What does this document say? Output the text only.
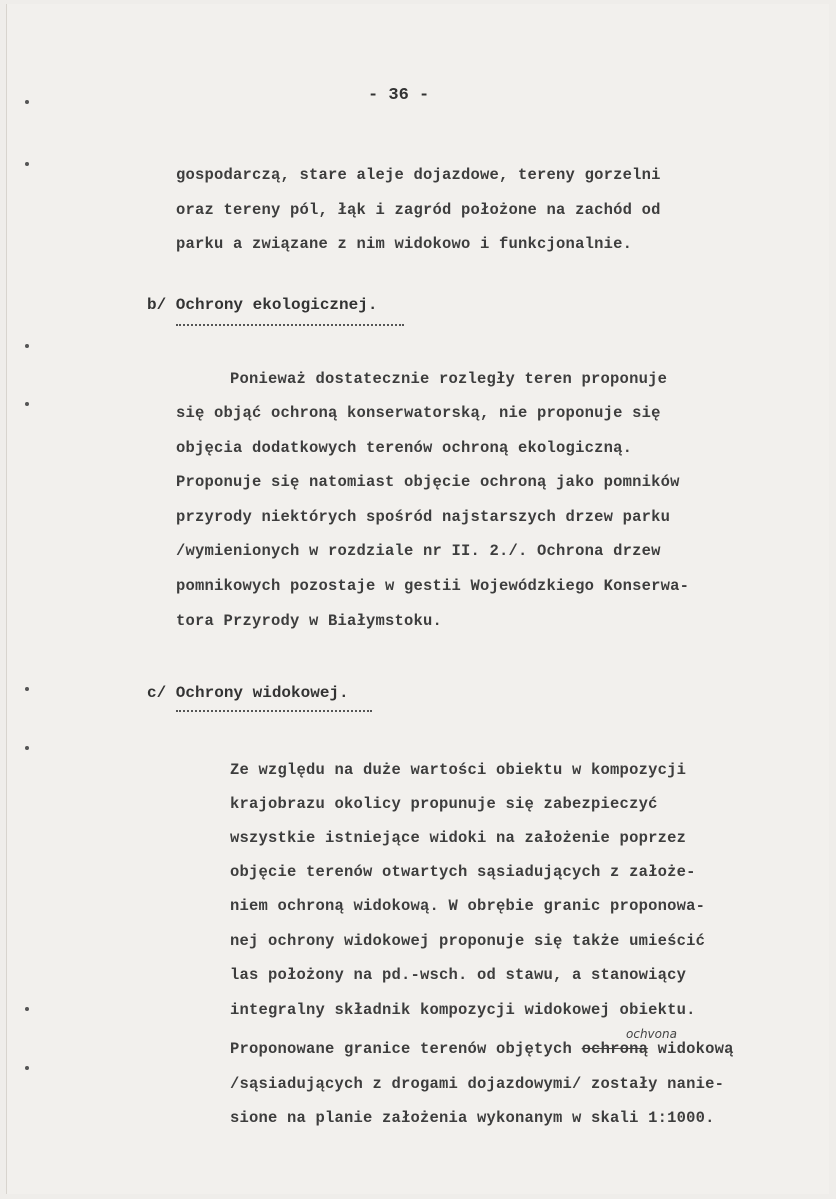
- 36 -
gospodarczą, stare aleje dojazdowe, tereny gorzelni
oraz tereny pól, łąk i zagród położone na zachód od
parku a związane z nim widokowo i funkcjonalnie.
b/ Ochrony ekologicznej.
Ponieważ dostatecznie rozległy teren proponuje
się objąć ochroną konserwatorską, nie proponuje się
objęcia dodatkowych terenów ochroną ekologiczną.
Proponuje się natomiast objęcie ochroną jako pomników
przyrody niektórych spośród najstarszych drzew parku
/wymienionych w rozdziale nr II. 2./. Ochrona drzew
pomnikowych pozostaje w gestii Wojewódzkiego Konserwa-
tora Przyrody w Białymstoku.
c/ Ochrony widokowej.
Ze względu na duże wartości obiektu w kompozycji
krajobrazu okolicy propunuje się zabezpieczyć
wszystkie istniejące widoki na założenie poprzez
objęcie terenów otwartych sąsiadujących z założe-
niem ochroną widokową. W obrębie granic proponowa-
nej ochrony widokowej proponuje się także umieścić
las położony na pd.-wsch. od stawu, a stanowiący
integralny składnik kompozycji widokowej obiektu.
ochvona
Proponowane granice terenów objętych ochroną widokową
/sąsiadujących z drogami dojazdowymi/ zostały nanie-
sione na planie założenia wykonanym w skali 1:1000.
